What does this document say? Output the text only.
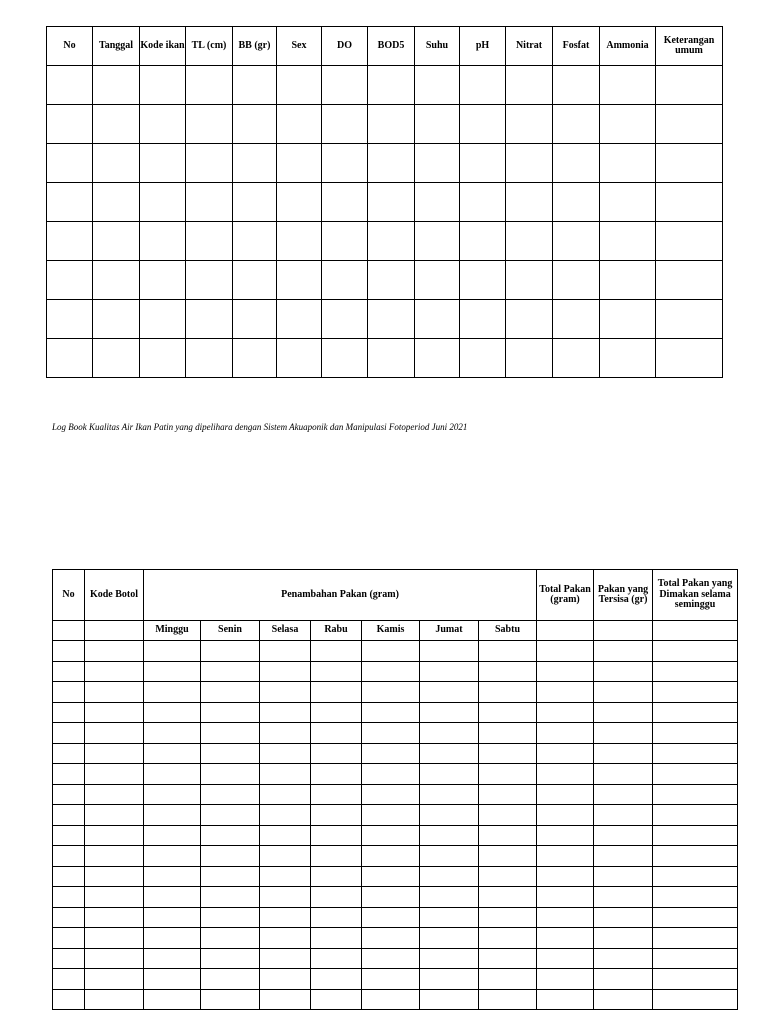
No	Tanggal	Kode ikan	TL (cm)	BB (gr)	Sex	DO	BOD5	Suhu	pH	Nitrat	Fosfat	Ammonia	Keterangan umum

Log Book Kualitas Air Ikan Patin yang dipelihara dengan Sistem Akuaponik dan Manipulasi Fotoperiod Juni 2021
No	Kode Botol	Penambahan Pakan (gram)							Total Pakan (gram)	Pakan yang Tersisa (gr)	Total Pakan yang Dimakan selama seminggu
		Minggu	Senin	Selasa	Rabu	Kamis	Jumat	Sabtu			
